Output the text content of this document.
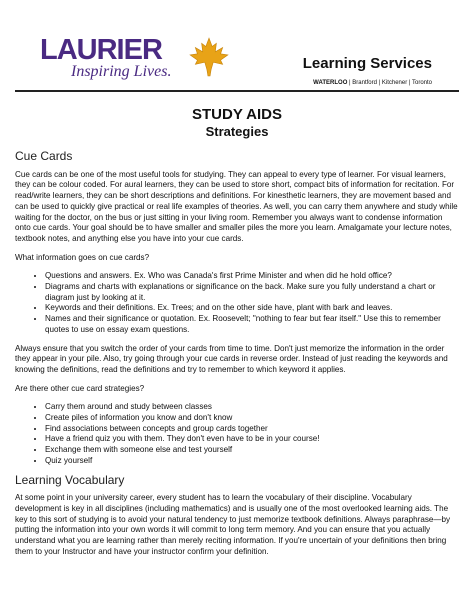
LAURIER
Inspiring Lives.	Learning Services
WATERLOO | Brantford | Kitchener | Toronto
STUDY AIDS
Strategies
Cue Cards

Cue cards can be one of the most useful tools for studying. They can appeal to every type of learner. For visual learners, they can be colour coded. For aural learners, they can be used to store short, compact bits of information for recitation. For read/write learners, they can be short descriptions and definitions. For kinesthetic learners, they are movement based and can be used to quickly give practical or real life examples of theories. As well, you can carry them anywhere and study while waiting for the doctor, on the bus or just sitting in your living room. Remember you always want to condense information onto cue cards. Your goal should be to have smaller and smaller piles the more you learn. Amalgamate your lecture notes, textbook notes, and anything else you have into your cue cards.

What information goes on cue cards?

• Questions and answers. Ex. Who was Canada's first Prime Minister and when did he hold office?
• Diagrams and charts with explanations or significance on the back. Make sure you fully understand a chart or diagram just by looking at it.
• Keywords and their definitions. Ex. Trees; and on the other side have, plant with bark and leaves.
• Names and their significance or quotation. Ex. Roosevelt; "nothing to fear but fear itself." Use this to remember quotes to use on essay exam questions.

Always ensure that you switch the order of your cards from time to time. Don't just memorize the information in the order they appear in your pile. Also, try going through your cue cards in reverse order. Instead of just reading the keywords and knowing the definitions, read the definitions and try to remember to which keyword it applies.

Are there other cue card strategies?

• Carry them around and study between classes
• Create piles of information you know and don't know
• Find associations between concepts and group cards together
• Have a friend quiz you with them. They don't even have to be in your course!
• Exchange them with someone else and test yourself
• Quiz yourself
Learning Vocabulary

At some point in your university career, every student has to learn the vocabulary of their discipline. Vocabulary development is key in all disciplines (including mathematics) and is usually one of the most overlooked learning aids. The key to this sort of studying is to avoid your natural tendency to just memorize textbook definitions. Always paraphrase—by putting the information into your own words it will commit to long term memory. And you can ensure that you actually understand what you are learning rather than merely reciting information. If you're uncertain of your definitions then bring them to your Instructor and have your instructor confirm your definition.
